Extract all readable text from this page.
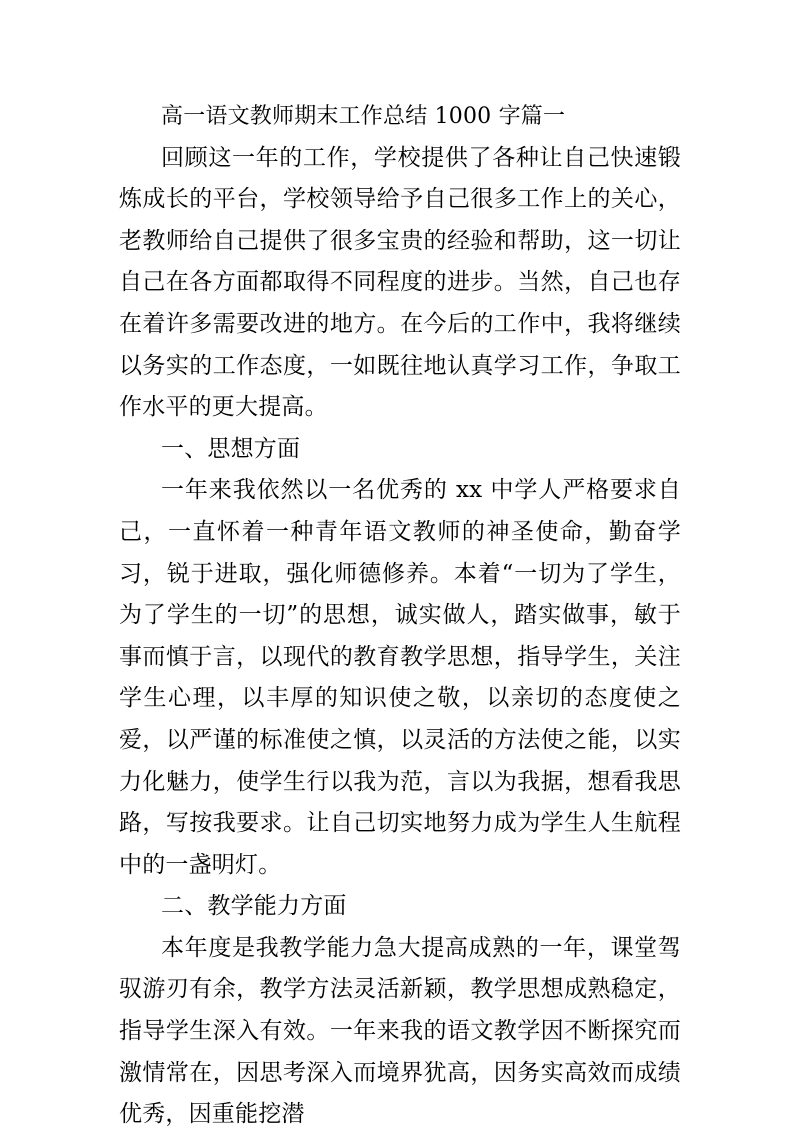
高一语文教师期末工作总结 1000 字篇一

回顾这一年的工作，学校提供了各种让自己快速锻炼成长的平台，学校领导给予自己很多工作上的关心，老教师给自己提供了很多宝贵的经验和帮助，这一切让自己在各方面都取得不同程度的进步。当然，自己也存在着许多需要改进的地方。在今后的工作中，我将继续以务实的工作态度，一如既往地认真学习工作，争取工作水平的更大提高。

一、思想方面

一年来我依然以一名优秀的 xx 中学人严格要求自己，一直怀着一种青年语文教师的神圣使命，勤奋学习，锐于进取，强化师德修养。本着“一切为了学生，为了学生的一切”的思想，诚实做人，踏实做事，敏于事而慎于言，以现代的教育教学思想，指导学生，关注学生心理，以丰厚的知识使之敬，以亲切的态度使之爱，以严谨的标准使之慎，以灵活的方法使之能，以实力化魅力，使学生行以我为范，言以为我据，想看我思路，写按我要求。让自己切实地努力成为学生人生航程中的一盏明灯。

二、教学能力方面

本年度是我教学能力急大提高成熟的一年，课堂驾驭游刃有余，教学方法灵活新颖，教学思想成熟稳定，指导学生深入有效。一年来我的语文教学因不断探究而激情常在，因思考深入而境界犹高，因务实高效而成绩优秀，因重能挖潜
